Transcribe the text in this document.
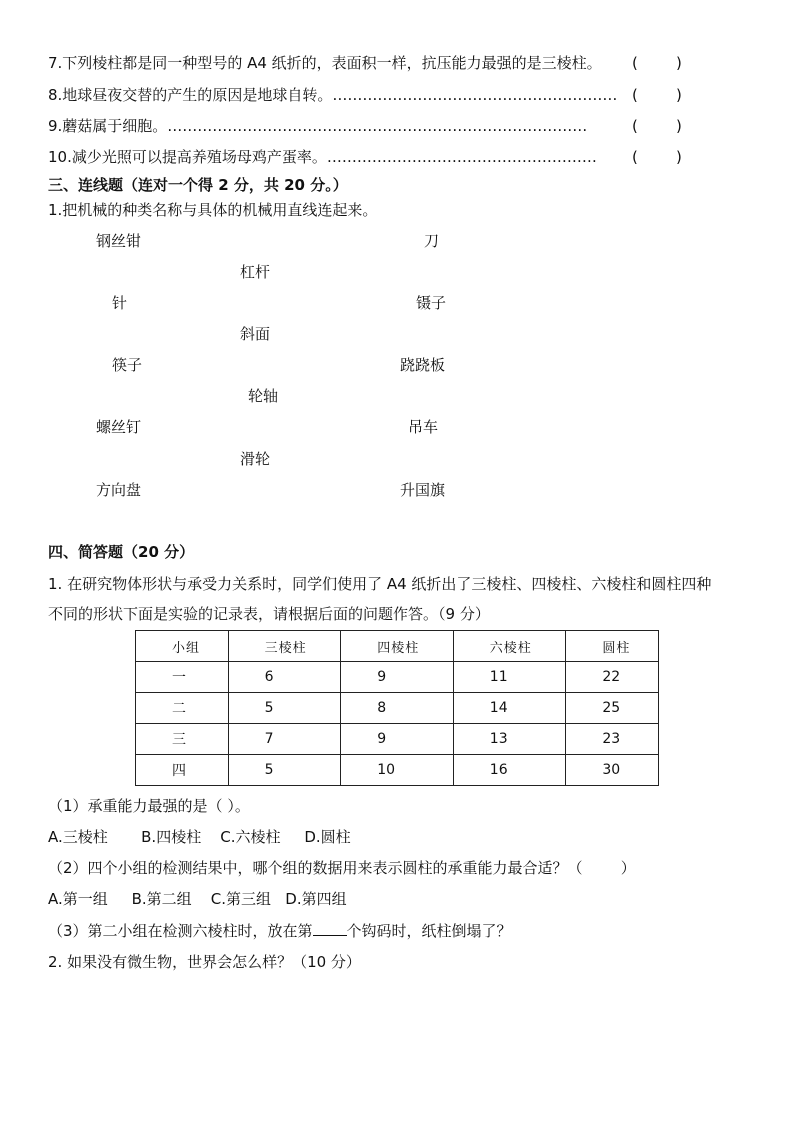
7.下列棱柱都是同一种型号的 A4 纸折的，表面积一样，抗压能力最强的是三棱柱。 (        )
8.地球昼夜交替的产生的原因是地球自转。………………………………………………… (        )
9.蘑菇属于细胞。…………………………………………………………………………	(        )
10.减少光照可以提高养殖场母鸡产蛋率。………………………………………………	(        )
三、连线题（连对一个得 2 分，共 20 分。）
1.把机械的种类名称与具体的机械用直线连起来。
钢丝钳	刀
杠杆
针	镊子
斜面
筷子	跷跷板
轮轴
螺丝钉	吊车
滑轮
方向盘	升国旗
四、简答题（20 分）
1. 在研究物体形状与承受力关系时，同学们使用了 A4 纸折出了三棱柱、四棱柱、六棱柱和圆柱四种
不同的形状下面是实验的记录表，请根据后面的问题作答。（9 分）
小组	三棱柱	四棱柱	六棱柱	圆柱
一	6	9	11	22
二	5	8	14	25
三	7	9	13	23
四	5	10	16	30
（1）承重能力最强的是（ ）。
A.三棱柱       B.四棱柱    C.六棱柱     D.圆柱
（2）四个小组的检测结果中，哪个组的数据用来表示圆柱的承重能力最合适？（        ）
A.第一组     B.第二组    C.第三组   D.第四组
（3）第二小组在检测六棱柱时，放在第 个钩码时，纸柱倒塌了？
2. 如果没有微生物，世界会怎么样？（10 分）
